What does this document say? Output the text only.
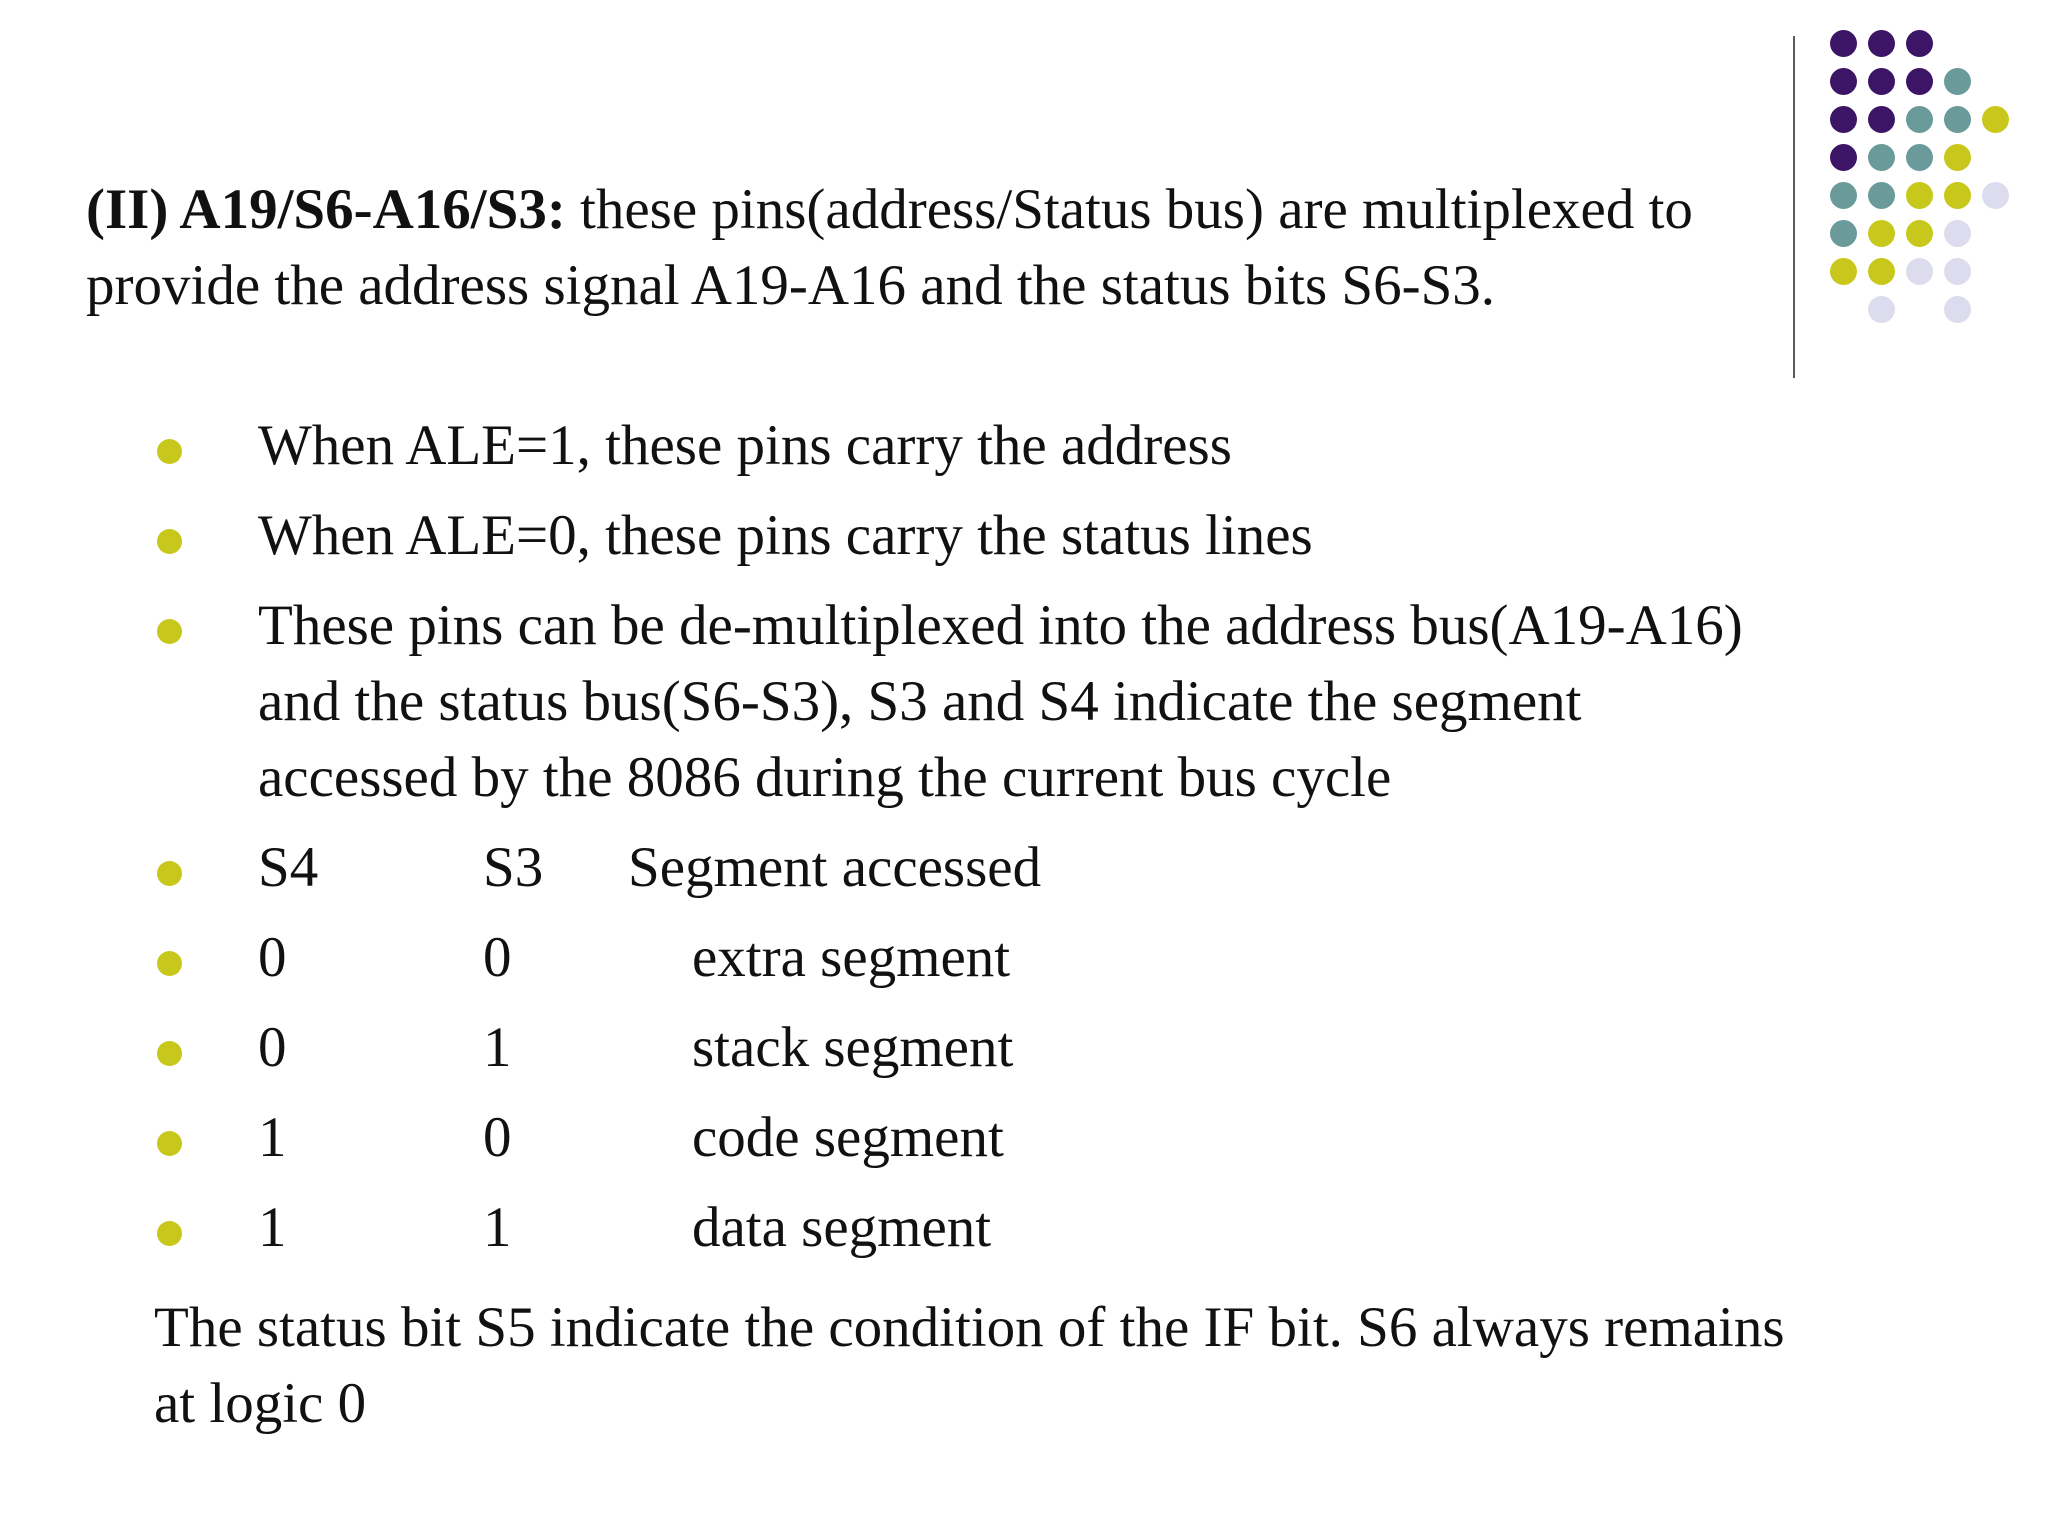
(II) A19/S6-A16/S3: these pins(address/Status bus) are multiplexed to provide the address signal A19-A16 and the status bits S6-S3.

When ALE=1, these pins carry the address
When ALE=0, these pins carry the status lines
These pins can be de-multiplexed into the address bus(A19-A16) and the status bus(S6-S3), S3 and S4 indicate the segment accessed by the 8086 during the current bus cycle
S4	S3 Segment accessed
0	0	extra segment
0	1	stack segment
1	0	code segment
1	1	data segment

The status bit S5 indicate the condition of the IF bit. S6 always remains at logic 0
